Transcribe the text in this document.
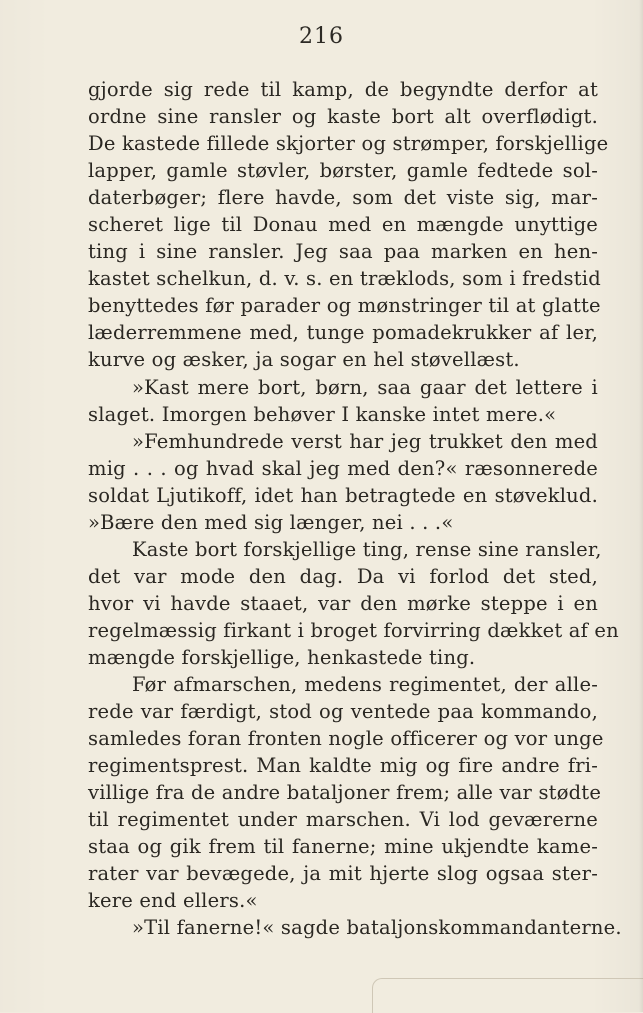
216
gjorde sig rede til kamp, de begyndte derfor at
ordne sine ransler og kaste bort alt overflødigt.
De kastede fillede skjorter og strømper, forskjellige
lapper, gamle støvler, børster, gamle fedtede sol-
daterbøger; flere havde, som det viste sig, mar-
scheret lige til Donau med en mængde unyttige
ting i sine ransler. Jeg saa paa marken en hen-
kastet schelkun, d. v. s. en træklods, som i fredstid
benyttedes før parader og mønstringer til at glatte
læderremmene med, tunge pomadekrukker af ler,
kurve og æsker, ja sogar en hel støvellæst.
»Kast mere bort, børn, saa gaar det lettere i
slaget. Imorgen behøver I kanske intet mere.«
»Femhundrede verst har jeg trukket den med
mig . . . og hvad skal jeg med den?« ræsonnerede
soldat Ljutikoff, idet han betragtede en støveklud.
»Bære den med sig længer, nei . . .«
Kaste bort forskjellige ting, rense sine ransler,
det var mode den dag. Da vi forlod det sted,
hvor vi havde staaet, var den mørke steppe i en
regelmæssig firkant i broget forvirring dækket af en
mængde forskjellige, henkastede ting.
Før afmarschen, medens regimentet, der alle-
rede var færdigt, stod og ventede paa kommando,
samledes foran fronten nogle officerer og vor unge
regimentsprest. Man kaldte mig og fire andre fri-
villige fra de andre bataljoner frem; alle var stødte
til regimentet under marschen. Vi lod geværerne
staa og gik frem til fanerne; mine ukjendte kame-
rater var bevægede, ja mit hjerte slog ogsaa ster-
kere end ellers.«
»Til fanerne!« sagde bataljonskommandanterne.
